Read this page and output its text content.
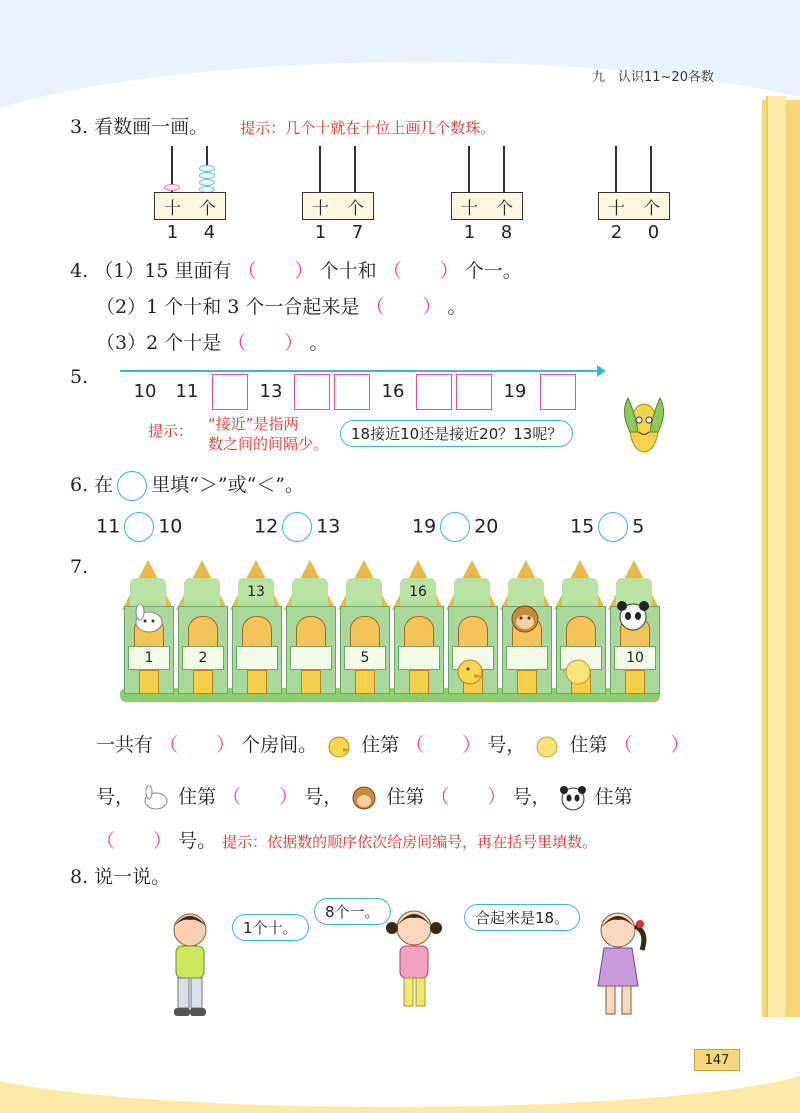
九　认识11~20各数
3. 看数画一画。 提示：几个十就在十位上画几个数珠。
十 个
1 4
十 个
1 7
十 个
1 8
十 个
2 0
4. （1）15 里面有 （　　 ） 个十和 （　　 ） 个一。
（2）1 个十和 3 个一合起来是 （　　 ） 。
（3）2 个十是 （　　 ） 。
5.
10	11	13	16	19
提示： “接近”是指两
数之间的间隔少。
18接近10还是接近20？13呢？
6. 在 里填“＞”或“＜”。
11 10	12 13	19 20	15 5
7.
1	2
13
5
16
10
一共有 （　　） 个房间。 住第 （　　） 号， 住第 （　　）
号， 住第 （　　） 号， 住第 （　　） 号， 住第
（　　） 号。 提示：依据数的顺序依次给房间编号，再在括号里填数。
8. 说一说。
1个十。
8个一。	合起来是18。
147
